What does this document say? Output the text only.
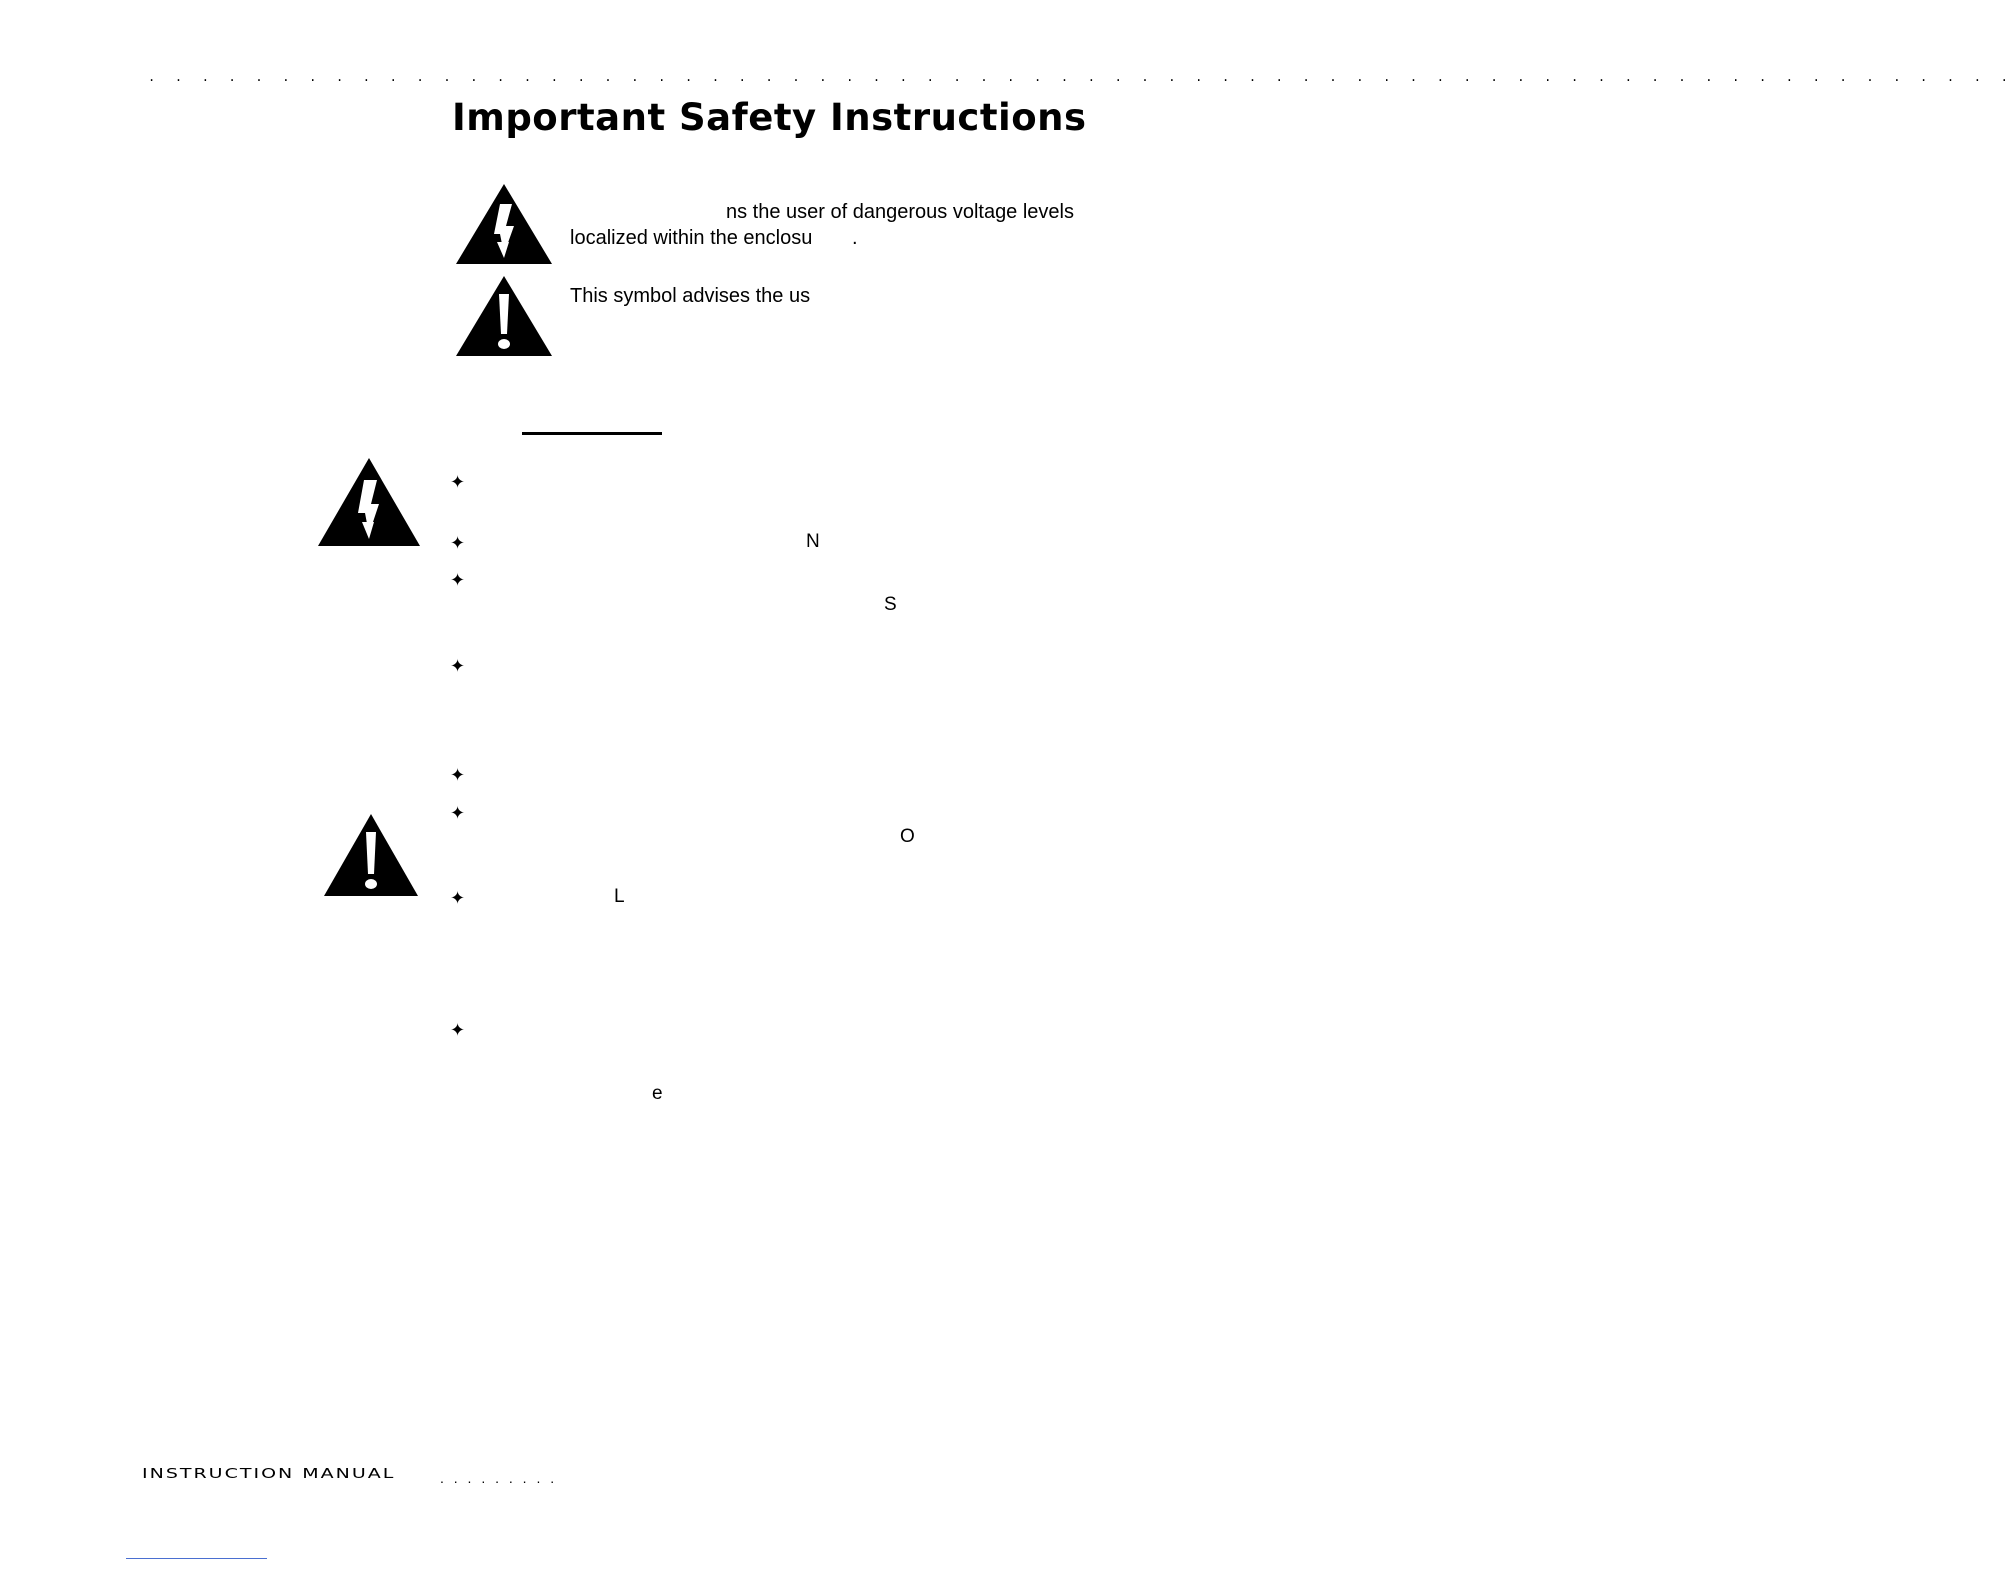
. . . . . . . . . . . . . . . . . . . . . . . . . . . . . . . . . . . . . . . . . . . . . . . . . . . . . . . . . . . . . . . . . . . . . .
Important Safety Instructions
ns the user of dangerous voltage levels
localized within the enclosu .
This symbol advises the us
✦
✦	N
✦
S
✦
✦
✦
O
✦	L
✦
e
INSTRUCTION MANUAL	. . . . . . . . .
